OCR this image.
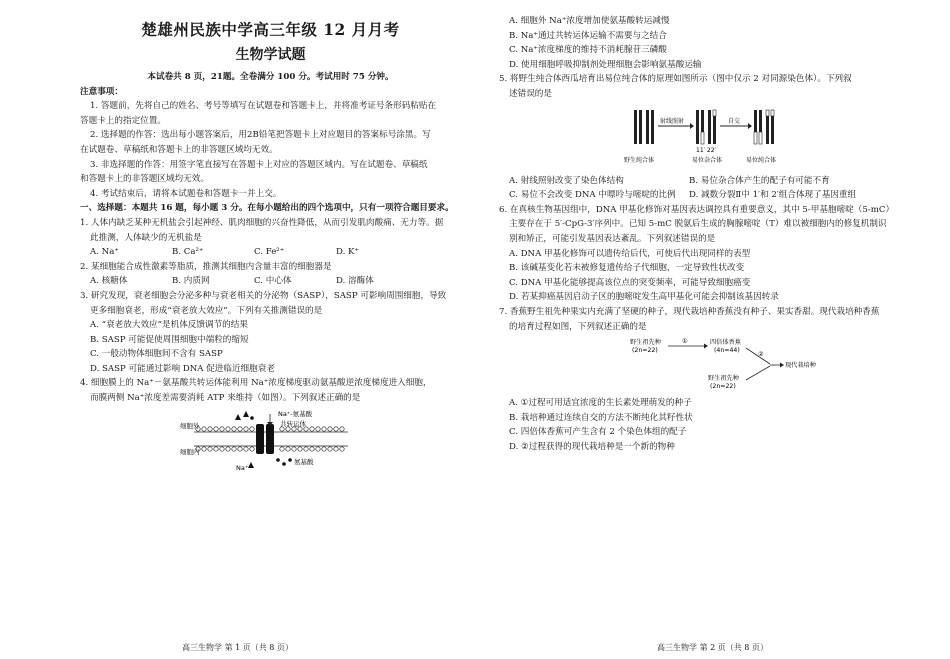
楚雄州民族中学高三年级 12 月月考

生物学试题

本试卷共 8 页，21题。全卷满分 100 分。考试用时 75 分钟。

注意事项：

1. 答题前，先将自己的姓名、考号等填写在试题卷和答题卡上，并将准考证号条形码粘贴在

答题卡上的指定位置。

2. 选择题的作答：选出每小题答案后，用2B铅笔把答题卡上对应题目的答案标号涂黑。写

在试题卷、草稿纸和答题卡上的非答题区域均无效。

3. 非选择题的作答：用签字笔直接写在答题卡上对应的答题区域内。写在试题卷、草稿纸

和答题卡上的非答题区域均无效。

4. 考试结束后，请将本试题卷和答题卡一并上交。

一、选择题：本题共 16 题，每小题 3 分。在每小题给出的四个选项中，只有一项符合题目要求。

1. 人体内缺乏某种无机盐会引起神经、肌肉细胞的兴奋性降低，从而引发肌肉酸痛、无力等。据

此推测，人体缺少的无机盐是

A. Na⁺	B. Ca²⁺	C. Fe²⁺	D. K⁺

2. 某细胞能合成性激素等脂质，推测其细胞内含量丰富的细胞器是

A. 核糖体	B. 内质网	C. 中心体	D. 溶酶体

3. 研究发现，衰老细胞会分泌多种与衰老相关的分泌物（SASP），SASP 可影响周围细胞，导致

更多细胞衰老，形成“衰老放大效应”。下列有关推测错误的是

A. “衰老放大效应”是机体反馈调节的结果

B. SASP 可能促使周围细胞中端粒的缩短

C. 一般动物体细胞间不含有 SASP

D. SASP 可能通过影响 DNA 促进临近细胞衰老

4. 细胞膜上的 Na⁺－氨基酸共转运体能利用 Na⁺浓度梯度驱动氨基酸逆浓度梯度进入细胞，

而膜两侧 Na⁺浓度差需要消耗 ATP 来维持（如图）。下列叙述正确的是

细胞外
细胞内
Na⁺-氨基酸
共转运体
Na⁺
氨基酸
高三生物学 第 1 页（共 8 页）

A. 细胞外 Na⁺浓度增加使氨基酸转运减慢

B. Na⁺通过共转运体运输不需要与之结合

C. Na⁺浓度梯度的维持不消耗腺苷三磷酸

D. 使用细胞呼吸抑制剂处理细胞会影响氨基酸运输

5. 将野生纯合体西瓜培育出易位纯合体的原理如图所示（图中仅示 2 对同源染色体）。下列叙

述错误的是

射线照射	自交
11′ 22′
野生纯合体	易位杂合体	易位纯合体

A. 射线照射改变了染色体结构	B. 易位杂合体产生的配子有可能不育

C. 易位不会改变 DNA 中嘌呤与嘧啶的比例	D. 减数分裂Ⅱ中 1′和 2′组合体现了基因重组

6. 在真核生物基因组中，DNA 甲基化修饰对基因表达调控具有重要意义，其中 5-甲基胞嘧啶（5-mC）

主要存在于 5′-CpG-3′序列中。已知 5-mC 脱氨后生成的胸腺嘧啶（T）难以被细胞内的修复机制识

别和矫正，可能引发基因表达紊乱。下列叙述错误的是

A. DNA 甲基化修饰可以遗传给后代，可使后代出现同样的表型

B. 该碱基变化若未被修复遗传给子代细胞，一定导致性状改变

C. DNA 甲基化能够提高该位点的突变频率，可能导致细胞癌变

D. 若某抑癌基因启动子区的胞嘧啶发生高甲基化可能会抑制该基因转录

7. 香蕉野生祖先种果实内充满了坚硬的种子，现代栽培种香蕉没有种子、果实香甜。现代栽培种香蕉

的培育过程如图，下列叙述正确的是

野生祖先种
(2n=22)
①	四倍体香蕉
(4n=44)
②
现代栽培种
野生祖先种
(2n=22)

A. ①过程可用适宜浓度的生长素处理萌发的种子

B. 栽培种通过连续自交的方法不断纯化其籽性状

C. 四倍体香蕉可产生含有 2 个染色体组的配子

D. ②过程获得的现代栽培种是一个新的物种

高三生物学 第 2 页（共 8 页）
